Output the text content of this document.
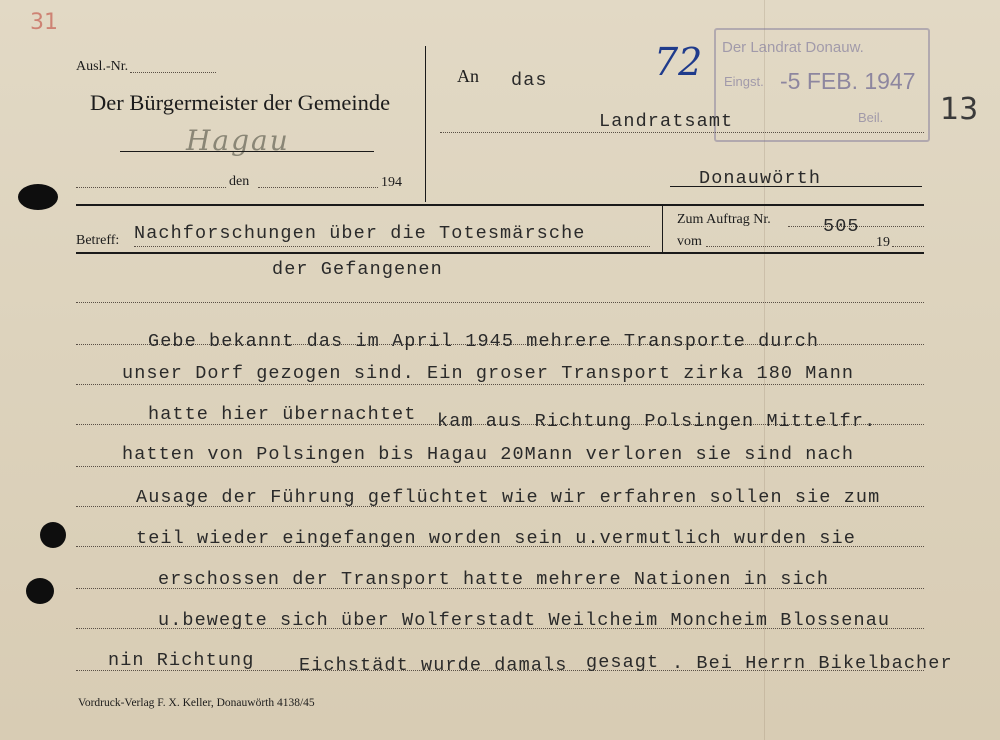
31
Ausl.-Nr.
Der Bürgermeister der Gemeinde
Hagau
den	194
An das	72 Der Landrat Donauw.
Eingst. -5 FEB. 1947
Beil. 13
Landratsamt
Donauwörth
Betreff: Nachforschungen über die Totesmärsche
Zum Auftrag Nr.	505
vom	19
der Gefangenen
Gebe bekannt das im April 1945 mehrere Transporte durch
unser Dorf gezogen sind. Ein groser Transport zirka 180 Mann
hatte hier übernachtet kam aus Richtung Polsingen Mittelfr.
hatten von Polsingen bis Hagau 20Mann verloren sie sind nach
Ausage der Führung geflüchtet wie wir erfahren sollen sie zum
teil wieder eingefangen worden sein u.vermutlich wurden sie
erschossen der Transport hatte mehrere Nationen in sich
u.bewegte sich über Wolferstadt Weilcheim Moncheim Blossenau
nin Richtung Eichstädt wurde damals gesagt . Bei Herrn Bikelbacher
Vordruck-Verlag F. X. Keller, Donauwörth 4138/45
